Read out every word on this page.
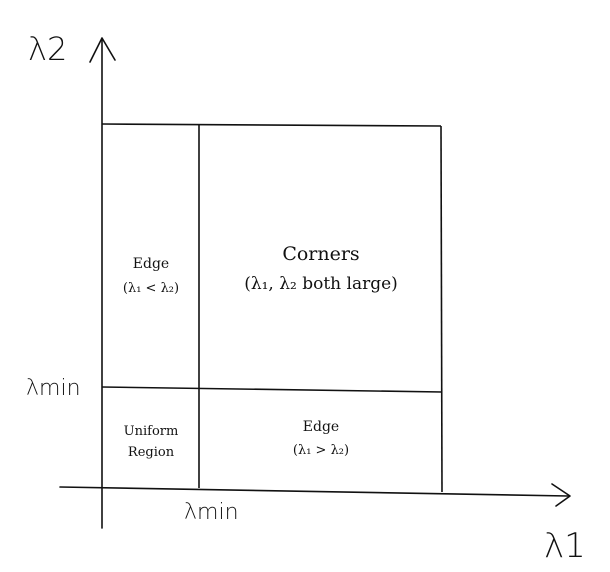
λ2
λ1
λmin
λmin
Edge
(λ₁ < λ₂)
Corners
(λ₁, λ₂ both large)
Uniform
Region
Edge
(λ₁ > λ₂)
